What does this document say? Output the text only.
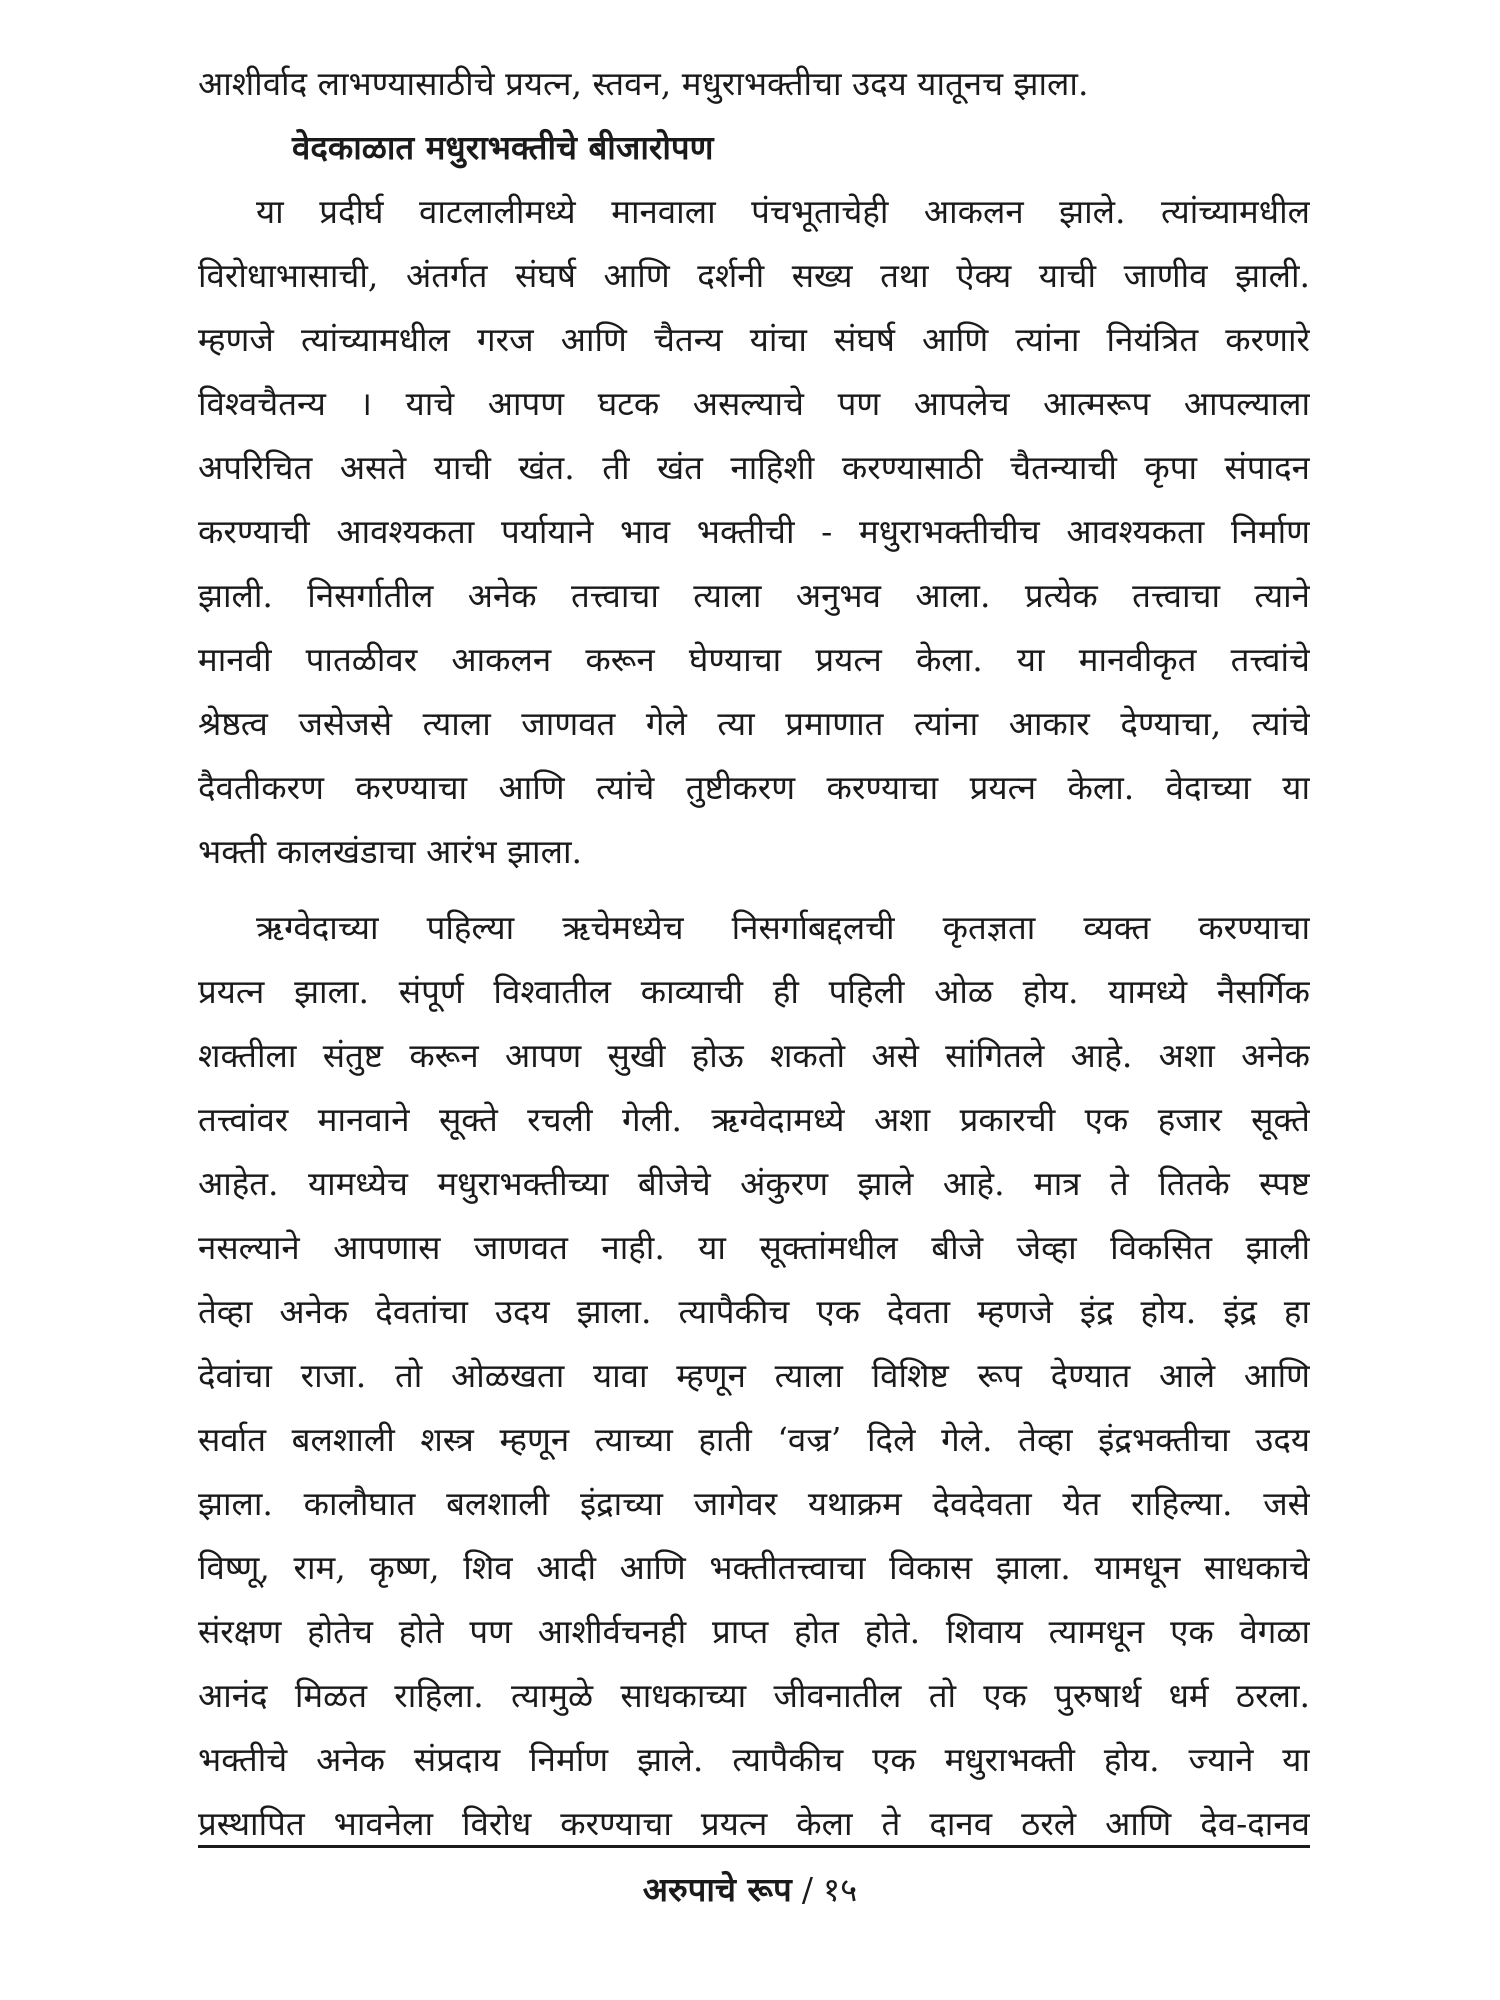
आशीर्वाद लाभण्यासाठीचे प्रयत्न, स्तवन, मधुराभक्तीचा उदय यातूनच झाला.
वेदकाळात मधुराभक्तीचे बीजारोपण
या प्रदीर्घ वाटलालीमध्ये मानवाला पंचभूताचेही आकलन झाले. त्यांच्यामधील
विरोधाभासाची, अंतर्गत संघर्ष आणि दर्शनी सख्य तथा ऐक्य याची जाणीव झाली.
म्हणजे त्यांच्यामधील गरज आणि चैतन्य यांचा संघर्ष आणि त्यांना नियंत्रित करणारे
विश्वचैतन्य । याचे आपण घटक असल्याचे पण आपलेच आत्मरूप आपल्याला
अपरिचित असते याची खंत. ती खंत नाहिशी करण्यासाठी चैतन्याची कृपा संपादन
करण्याची आवश्यकता पर्यायाने भाव भक्तीची - मधुराभक्तीचीच आवश्यकता निर्माण
झाली. निसर्गातील अनेक तत्त्वाचा त्याला अनुभव आला. प्रत्येक तत्त्वाचा त्याने
मानवी पातळीवर आकलन करून घेण्याचा प्रयत्न केला. या मानवीकृत तत्त्वांचे
श्रेष्ठत्व जसेजसे त्याला जाणवत गेले त्या प्रमाणात त्यांना आकार देण्याचा, त्यांचे
दैवतीकरण करण्याचा आणि त्यांचे तुष्टीकरण करण्याचा प्रयत्न केला. वेदाच्या या
भक्ती कालखंडाचा आरंभ झाला.
ऋग्वेदाच्या पहिल्या ऋचेमध्येच निसर्गाबद्दलची कृतज्ञता व्यक्त करण्याचा
प्रयत्न झाला. संपूर्ण विश्वातील काव्याची ही पहिली ओळ होय. यामध्ये नैसर्गिक
शक्तीला संतुष्ट करून आपण सुखी होऊ शकतो असे सांगितले आहे. अशा अनेक
तत्त्वांवर मानवाने सूक्ते रचली गेली. ऋग्वेदामध्ये अशा प्रकारची एक हजार सूक्ते
आहेत. यामध्येच मधुराभक्तीच्या बीजेचे अंकुरण झाले आहे. मात्र ते तितके स्पष्ट
नसल्याने आपणास जाणवत नाही. या सूक्तांमधील बीजे जेव्हा विकसित झाली
तेव्हा अनेक देवतांचा उदय झाला. त्यापैकीच एक देवता म्हणजे इंद्र होय. इंद्र हा
देवांचा राजा. तो ओळखता यावा म्हणून त्याला विशिष्ट रूप देण्यात आले आणि
सर्वात बलशाली शस्त्र म्हणून त्याच्या हाती ‘वज्र’ दिले गेले. तेव्हा इंद्रभक्तीचा उदय
झाला. कालौघात बलशाली इंद्राच्या जागेवर यथाक्रम देवदेवता येत राहिल्या. जसे
विष्णू, राम, कृष्ण, शिव आदी आणि भक्तीतत्त्वाचा विकास झाला. यामधून साधकाचे
संरक्षण होतेच होते पण आशीर्वचनही प्राप्त होत होते. शिवाय त्यामधून एक वेगळा
आनंद मिळत राहिला. त्यामुळे साधकाच्या जीवनातील तो एक पुरुषार्थ धर्म ठरला.
भक्तीचे अनेक संप्रदाय निर्माण झाले. त्यापैकीच एक मधुराभक्ती होय. ज्याने या
प्रस्थापित भावनेला विरोध करण्याचा प्रयत्न केला ते दानव ठरले आणि देव-दानव
अरुपाचे रूप / १५
